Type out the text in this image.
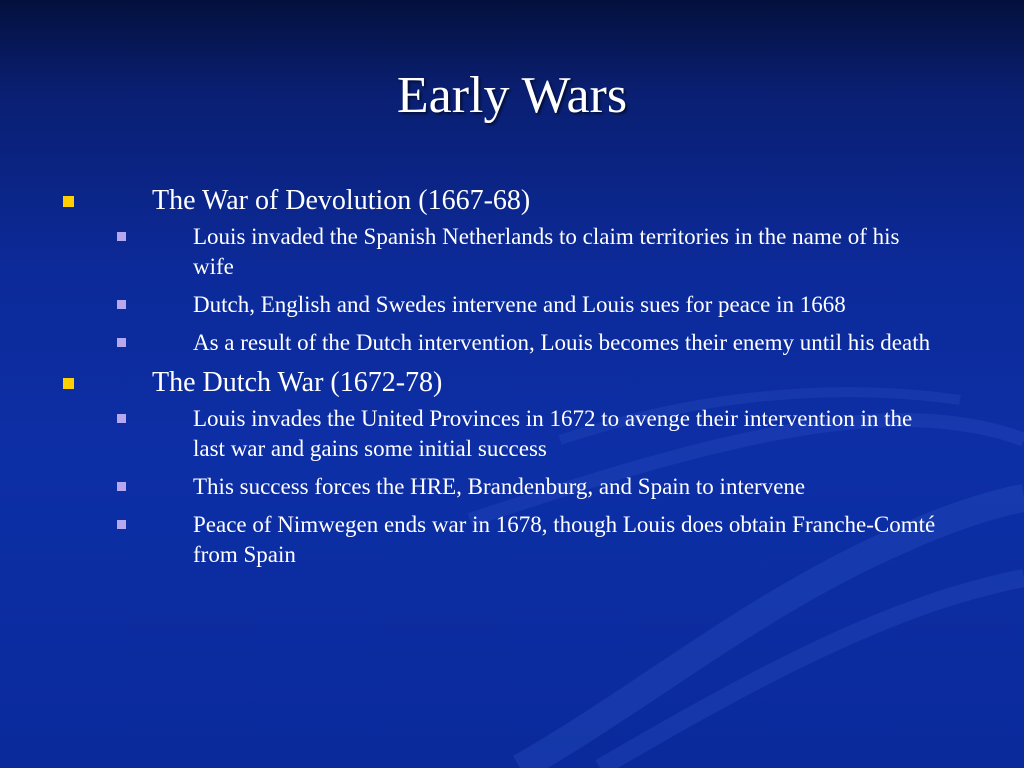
Early Wars
The War of Devolution (1667-68)
Louis invaded the Spanish Netherlands to claim territories in the name of his wife
Dutch, English and Swedes intervene and Louis sues for peace in 1668
As a result of the Dutch intervention, Louis becomes their enemy until his death
The Dutch War (1672-78)
Louis invades the United Provinces in 1672 to avenge their intervention in the last war and gains some initial success
This success forces the HRE, Brandenburg, and Spain to intervene
Peace of Nimwegen ends war in 1678, though Louis does obtain Franche-Comté from Spain
